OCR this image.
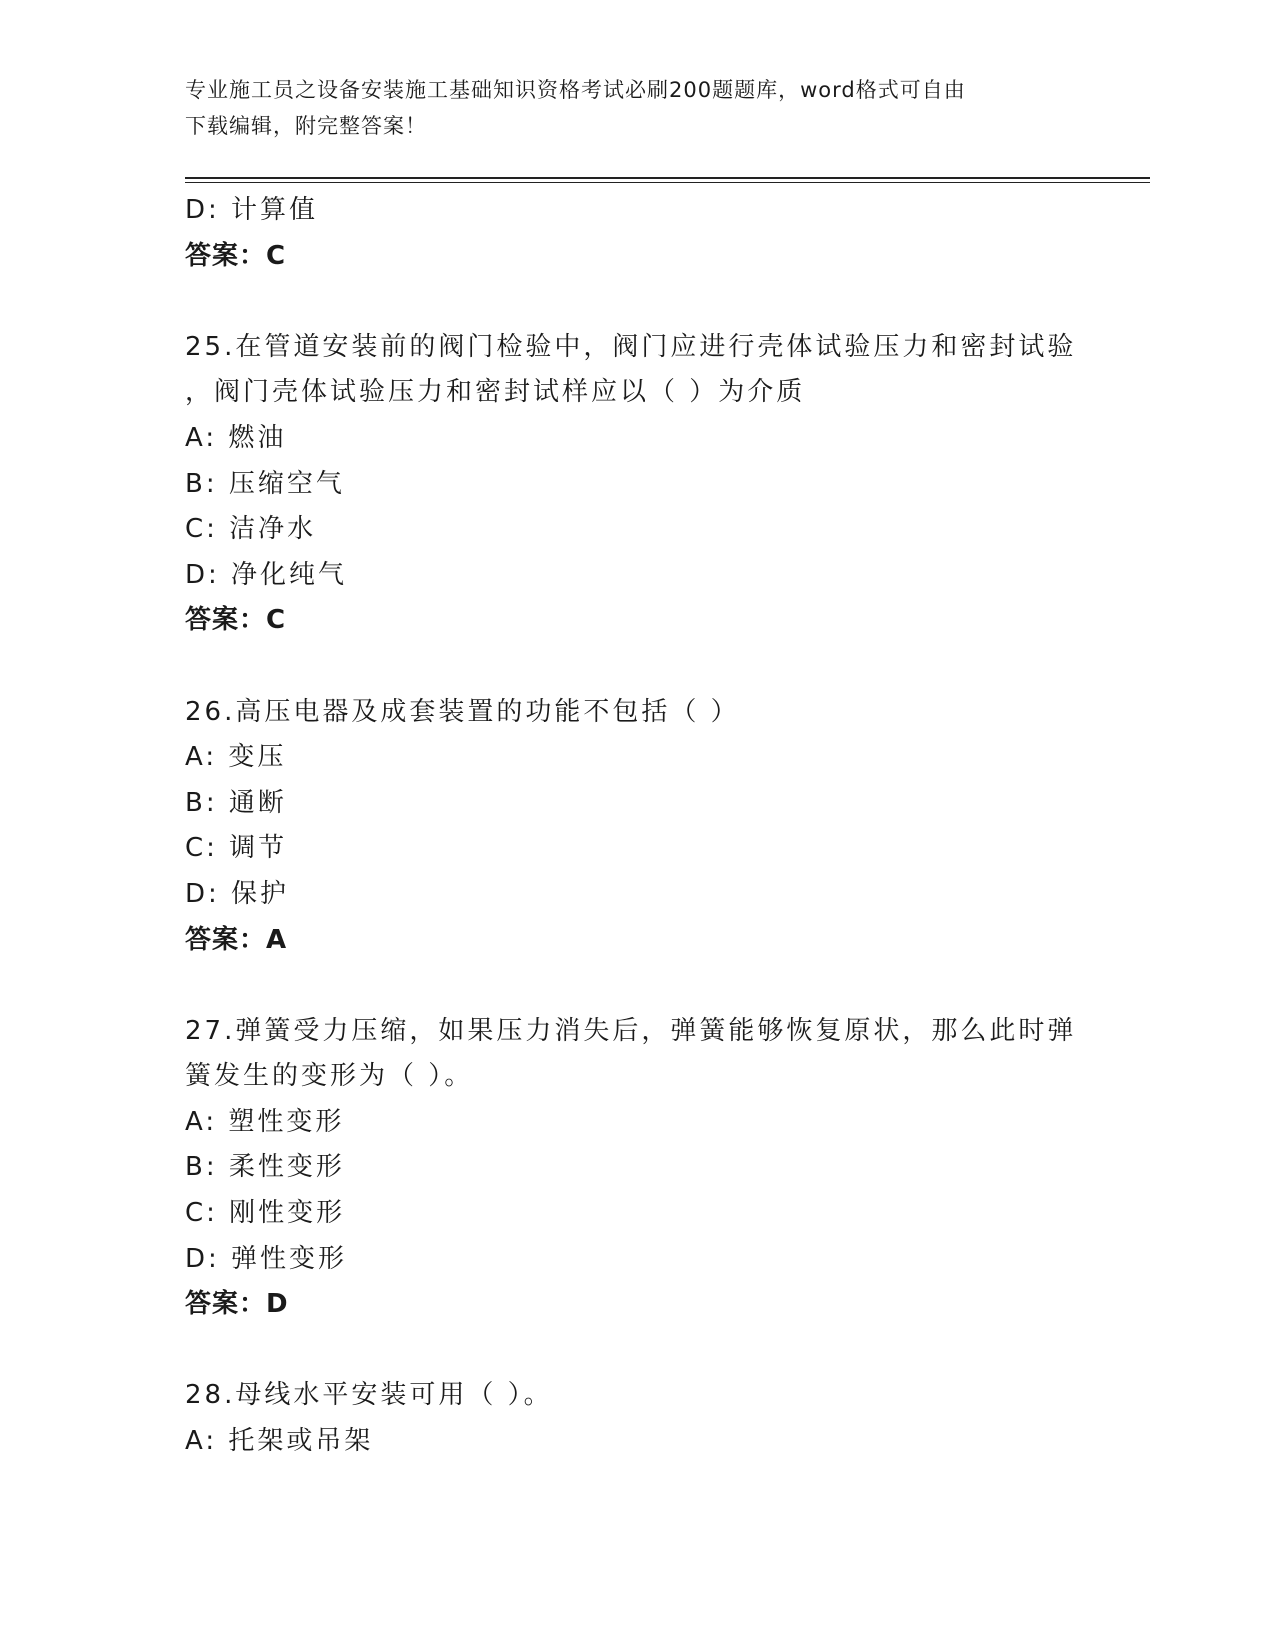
专业施工员之设备安装施工基础知识资格考试必刷200题题库，word格式可自由
下载编辑，附完整答案！
D: 计算值
答案：C
25.在管道安装前的阀门检验中，阀门应进行壳体试验压力和密封试验
，阀门壳体试验压力和密封试样应以（ ）为介质
A: 燃油
B: 压缩空气
C: 洁净水
D: 净化纯气
答案：C
26.高压电器及成套装置的功能不包括（ ）
A: 变压
B: 通断
C: 调节
D: 保护
答案：A
27.弹簧受力压缩，如果压力消失后，弹簧能够恢复原状，那么此时弹
簧发生的变形为（ ）。
A: 塑性变形
B: 柔性变形
C: 刚性变形
D: 弹性变形
答案：D
28.母线水平安装可用（ ）。
A: 托架或吊架
